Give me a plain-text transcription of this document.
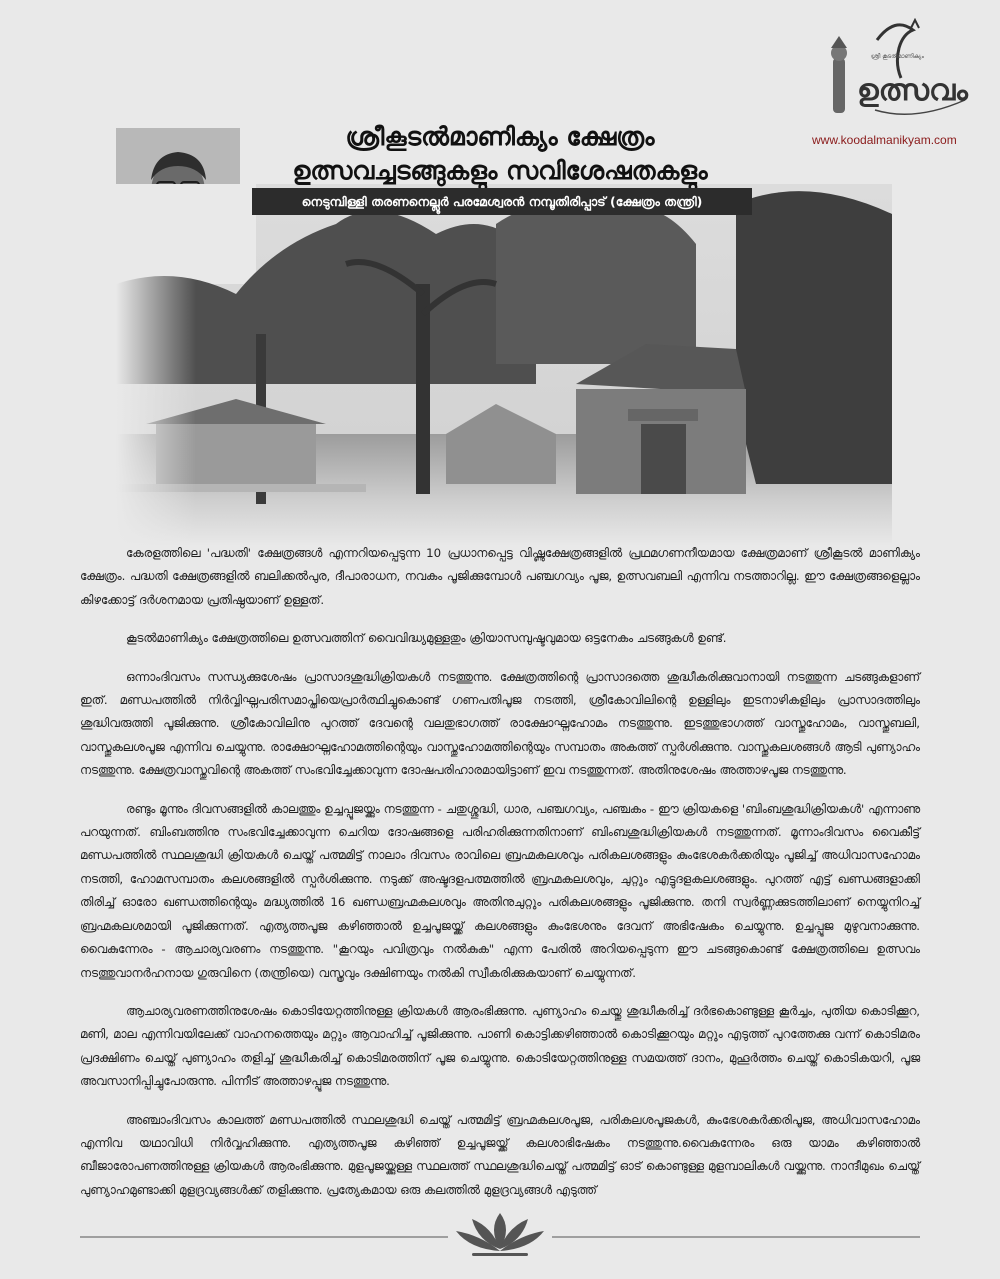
ശ്രീ കൂടൽമാണിക്യം
ഉത്സവം
www.koodalmanikyam.com
ശ്രീകൂടൽമാണിക്യം ക്ഷേത്രം
ഉത്സവച്ചടങ്ങുകളും സവിശേഷതകളും
നെടുമ്പിള്ളി തരണനെല്ലൂർ പരമേശ്വരൻ നമ്പൂതിരിപ്പാട് (ക്ഷേത്രം തന്ത്രി)

കേരളത്തിലെ 'പദ്ധതി' ക്ഷേത്രങ്ങൾ എന്നറിയപ്പെടുന്ന 10 പ്രധാനപ്പെട്ട വിഷ്ണുക്ഷേത്രങ്ങളിൽ പ്രഥമഗണനീയമായ ക്ഷേത്രമാണ് ശ്രീകൂടൽ മാണിക്യം ക്ഷേത്രം. പദ്ധതി ക്ഷേത്രങ്ങളിൽ ബലിക്കൽപുര, ദീപാരാധന, നവകം പൂജിക്കുമ്പോൾ പഞ്ചഗവ്യം പൂജ, ഉത്സവബലി എന്നിവ നടത്താറില്ല. ഈ ക്ഷേത്രങ്ങളെല്ലാം കിഴക്കോട്ട് ദർശനമായ പ്രതിഷ്ഠയാണ് ഉള്ളത്.

കൂടൽമാണിക്യം ക്ഷേത്രത്തിലെ ഉത്സവത്തിന് വൈവിദ്ധ്യമുള്ളതും ക്രിയാസമ്പുഷ്ടവുമായ ഒട്ടനേകം ചടങ്ങുകൾ ഉണ്ട്.

ഒന്നാംദിവസം സന്ധ്യക്കുശേഷം പ്രാസാദശുദ്ധിക്രിയകൾ നടത്തുന്നു. ക്ഷേത്രത്തിന്റെ പ്രാസാദത്തെ ശുദ്ധീകരിക്കുവാനായി നടത്തുന്ന ചടങ്ങുകളാണ് ഇത്. മണ്ഡപത്തിൽ നിർവ്വിഘ്നപരിസമാപ്തിയെപ്രാർത്ഥിച്ചുകൊണ്ട് ഗണപതിപൂജ നടത്തി, ശ്രീകോവിലിന്റെ ഉള്ളിലും ഇടനാഴികളിലും പ്രാസാദത്തിലും ശുദ്ധിവരുത്തി പൂജിക്കുന്നു. ശ്രീകോവിലിനു പുറത്ത് ദേവന്റെ വലതുഭാഗത്ത് രാക്ഷോഘ്നഹോമം നടത്തുന്നു. ഇടത്തുഭാഗത്ത് വാസ്തുഹോമം, വാസ്തുബലി, വാസ്തുകലശപൂജ എന്നിവ ചെയ്യുന്നു. രാക്ഷോഘ്നഹോമത്തിന്റെയും വാസ്തുഹോമത്തിന്റെയും സമ്പാതം അകത്ത് സ്പർശിക്കുന്നു. വാസ്തുകലശങ്ങൾ ആടി പുണ്യാഹം നടത്തുന്നു. ക്ഷേത്രവാസ്തുവിന്റെ അകത്ത് സംഭവിച്ചേക്കാവുന്ന ദോഷപരിഹാരമായിട്ടാണ് ഇവ നടത്തുന്നത്. അതിനുശേഷം അത്താഴപൂജ നടത്തുന്നു.

രണ്ടും മൂന്നും ദിവസങ്ങളിൽ കാലത്തും ഉച്ചപ്പൂജയ്ക്കും നടത്തുന്ന - ചതുശ്ശുദ്ധി, ധാര, പഞ്ചഗവ്യം, പഞ്ചകം - ഈ ക്രിയകളെ 'ബിംബശുദ്ധിക്രിയകൾ' എന്നാണു പറയുന്നത്. ബിംബത്തിനു സംഭവിച്ചേക്കാവുന്ന ചെറിയ ദോഷങ്ങളെ പരിഹരിക്കുന്നതിനാണ് ബിംബശുദ്ധിക്രിയകൾ നടത്തുന്നത്. മൂന്നാംദിവസം വൈകീട്ട് മണ്ഡപത്തിൽ സ്ഥലശുദ്ധി ക്രിയകൾ ചെയ്ത് പത്മമിട്ട് നാലാം ദിവസം രാവിലെ ബ്രഹ്മകലശവും പരികലശങ്ങളും കുംഭേശകർക്കരിയും പൂജിച്ച് അധിവാസഹോമം നടത്തി, ഹോമസമ്പാതം കലശങ്ങളിൽ സ്പർശിക്കുന്നു. നടുക്ക് അഷ്ടദളപത്മത്തിൽ ബ്രഹ്മകലശവും, ചുറ്റും എട്ടുദളകലശങ്ങളും. പുറത്ത് എട്ട് ഖണ്ഡങ്ങളാക്കി തിരിച്ച് ഓരോ ഖണ്ഡത്തിന്റെയും മദ്ധ്യത്തിൽ 16 ഖണ്ഡബ്രഹ്മകലശവും അതിനുചുറ്റും പരികലശങ്ങളും പൂജിക്കുന്നു. തനി സ്വർണ്ണക്കുടത്തിലാണ് നെയ്യുനിറച്ച് ബ്രഹ്മകലശമായി പൂജിക്കുന്നത്. എത്യത്തപൂജ കഴിഞ്ഞാൽ ഉച്ചപൂജയ്ക്ക് കലശങ്ങളും കുംഭേശനും ദേവന് അഭിഷേകം ചെയ്യുന്നു. ഉച്ചപ്പൂജ മുഴുവനാക്കുന്നു. വൈകുന്നേരം - ആചാര്യവരണം നടത്തുന്നു. "കൂറയും പവിത്രവും നൽകുക" എന്ന പേരിൽ അറിയപ്പെടുന്ന ഈ ചടങ്ങുകൊണ്ട് ക്ഷേത്രത്തിലെ ഉത്സവം നടത്തുവാനർഹനായ ഗുരുവിനെ (തന്ത്രിയെ) വസ്ത്രവും ദക്ഷിണയും നൽകി സ്വീകരിക്കുകയാണ് ചെയ്യുന്നത്.

ആചാര്യവരണത്തിനുശേഷം കൊടിയേറ്റത്തിനുള്ള ക്രിയകൾ ആരംഭിക്കുന്നു. പുണ്യാഹം ചെയ്തു ശുദ്ധീകരിച്ച് ദർഭകൊണ്ടുള്ള കൂർച്ചം, പുതിയ കൊടിക്കൂറ, മണി, മാല എന്നിവയിലേക്ക് വാഹനത്തെയും മറ്റും ആവാഹിച്ച് പൂജിക്കുന്നു. പാണി കൊട്ടിക്കഴിഞ്ഞാൽ കൊടിക്കൂറയും മറ്റും എടുത്ത് പുറത്തേക്കു വന്ന് കൊടിമരം പ്രദക്ഷിണം ചെയ്ത് പുണ്യാഹം തളിച്ച് ശുദ്ധീകരിച്ച് കൊടിമരത്തിന് പൂജ ചെയ്യുന്നു. കൊടിയേറ്റത്തിനുള്ള സമയത്ത് ദാനം, മുഹൂർത്തം ചെയ്ത് കൊടികയറി, പൂജ അവസാനിപ്പിച്ചുപോരുന്നു. പിന്നീട് അത്താഴപ്പൂജ നടത്തുന്നു.

അഞ്ചാംദിവസം കാലത്ത് മണ്ഡപത്തിൽ സ്ഥലശുദ്ധി ചെയ്ത് പത്മമിട്ട് ബ്രഹ്മകലശപൂജ, പരികലശപൂജകൾ, കുംഭേശകർക്കരിപൂജ, അധിവാസഹോമം എന്നിവ യഥാവിധി നിർവ്വഹിക്കുന്നു. എത്യത്തപൂജ കഴിഞ്ഞ് ഉച്ചപൂജയ്ക്ക് കലശാഭിഷേകം നടത്തുന്നു.വൈകുന്നേരം ഒരു യാമം കഴിഞ്ഞാൽ ബീജാരോപണത്തിനുള്ള ക്രിയകൾ ആരംഭിക്കുന്നു. മുളപൂജയ്ക്കുള്ള സ്ഥലത്ത് സ്ഥലശുദ്ധിചെയ്ത് പത്മമിട്ട് ഓട് കൊണ്ടുള്ള മുളമ്പാലികൾ വയ്ക്കുന്നു. നാന്ദീമുഖം ചെയ്ത് പുണ്യാഹമുണ്ടാക്കി മുളദ്രവ്യങ്ങൾക്ക് തളിക്കുന്നു. പ്രത്യേകമായ ഒരു കലത്തിൽ മുളദ്രവ്യങ്ങൾ എടുത്ത്
